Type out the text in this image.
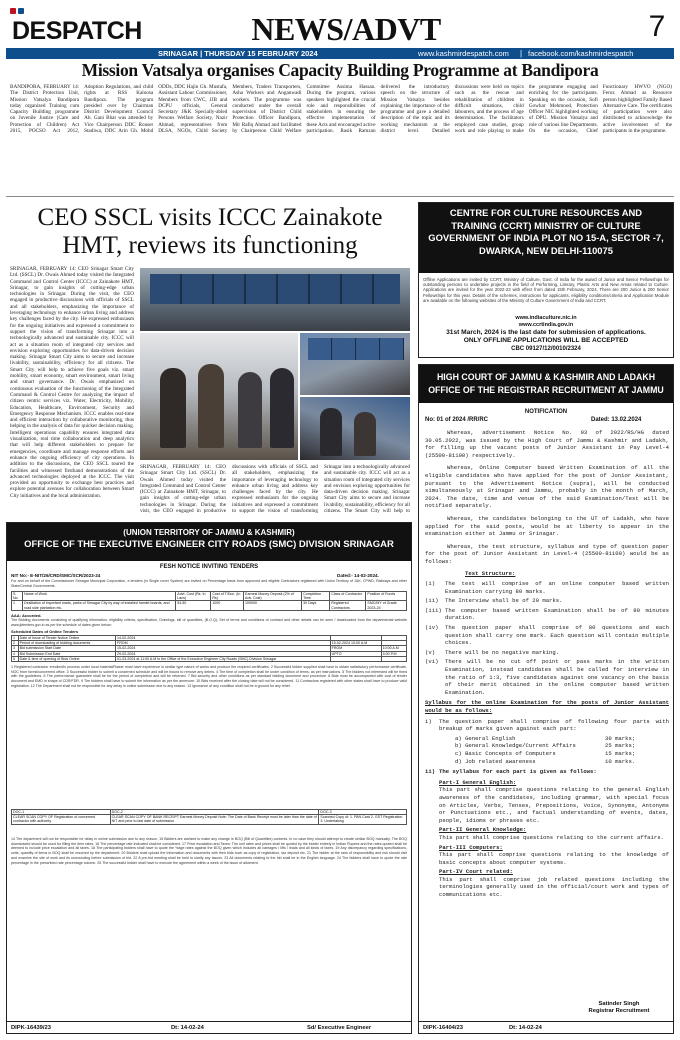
DESPATCH	NEWS/ADVT	7
SRINAGAR | THURSDAY 15 FEBRUARY 2024	www.kashmirdespatch.com | facebook.com/kashmirdespatch
Mission Vatsalya organises Capacity Building Programme at Bandipora
BANDIPORA, FEBRUARY 14: The District Protection Unit, Mission Vatsalya Bandipora today organized Training cum Capacity Building programme on Juvenile Justice (Care and Protection of Children) Act 2015, POCSO Act 2012, Adoption Regulations, and child rights at RSS Kaloosa Bandipora. The program presided over by Chairman District Development Council Ab. Gani Bhat was attended by Vice Chairperson DDC Rouser Stadiwa, DDC Arin Gh. Mohd ODDs, DDC Hajin Gh. Mustafa, Assistant Labour Commissioner, Members from CWC, JJB and DCPU officials, General Secretary J&K Specially-abled Persons Welfare Society, Nazir Ahmad, representatives from DLSA, NGOs, Child Society Members, Traders Transporters, Asha Workers and Anganwadi workers. The programme was conducted under the overall supervision of District Child Protection Officer Bandipora, Mir Rafiq Ahmad and facilitated by Chairperson Child Welfare Committee Assima Hassan. During the program, various speakers highlighted the crucial role and responsibilities of stakeholders in ensuring the effective implementation of these Acts and encouraged active participation. Rasik Ramzan delivered the introductory speech on the structure of Mission Vatsalya besides explaining the importance of the programme and gave a detailed description of the topic and its working mechanism at the district level. Detailed discussions were held on topics such as the rescue and rehabilitation of children in difficult situations, child labourers, and the process of age determination. The facilitators employed case studies, group work and role playing to make the programme engaging and enriching for the participants. Speaking on the occasion, Sofi Gowhar Mehmood, Protection Officer NIC highlighted working of DPU. Mission Vatsalya and role of various line Departments. On the occasion, Chief Functionary HWVO (NGO) Feroz Ahmad as Resource person highlighted Family Based Alternative Care. The certificates of participation were also distributed to acknowledge the active involvement of the participants in the programme.
CEO SSCL visits ICCC Zainakote
HMT, reviews its functioning
SRINAGAR, FEBRUARY 14: CEO Srinagar Smart City Ltd. (SSCL) Dr. Owais Ahmed today visited the Integrated Command and Control Center (ICCC) at Zainakote HMT, Srinagar, to gain insights of cutting-edge urban technologies in Srinagar. During the visit, the CEO engaged in productive discussions with officials of SSCL and all stakeholders, emphasizing the importance of leveraging technology to enhance urban living and address key challenges faced by the city. He expressed enthusiasm for the ongoing initiatives and expressed a commitment to support the vision of transforming Srinagar into a technologically advanced and sustainable city. ICCC will act as a situation room of integrated city services and envision exploring opportunities for data-driven decision making. Srinagar Smart City aims to secure and increase livability, sustainability, efficiency for all citizens. The Smart City will help to achieve five goals viz. smart mobility, smart economy, smart environment, smart living and smart governance. Dr. Owais emphasized on continuous evaluation of the functioning of the Integrated Command & Control Centre for analyzing the impact of citizen centric services viz. Water, Electricity, Mobility, Education, Healthcare, Environment, Security and Emergency Response Mechanism. ICCC enables real-time and efficient interaction by collaborative monitoring, thus helping in the analysis of data for quicker decision making. Intelligent operations capability ensures integrated data visualization, real time collaboration and deep analytics that will help different stakeholders to prepare for emergencies, coordinate and manage response efforts and enhance the ongoing efficiency of city operations. In addition to the discussions, the CEO SSCL toured the facilities and witnessed firsthand demonstrations of the advanced technologies deployed at the ICCC. The visit provided an opportunity to exchange best practices and explore potential avenues for collaboration between Smart City initiatives and the local administration.
SRINAGAR, FEBRUARY 14: CEO Srinagar Smart City Ltd. (SSCL) Dr. Owais Ahmed today visited the Integrated Command and Control Center (ICCC) at Zainakote HMT, Srinagar, to gain insights of cutting-edge urban technologies in Srinagar. During the visit, the CEO engaged in productive discussions with officials of SSCL and all stakeholders, emphasizing the importance of leveraging technology to enhance urban living and address key challenges faced by the city. He expressed enthusiasm for the ongoing initiatives and expressed a commitment to support the vision of transforming Srinagar into a technologically advanced and sustainable city. ICCC will act as a situation room of integrated city services and envision exploring opportunities for data-driven decision making. Srinagar Smart City aims to secure and increase livability, sustainability, efficiency for all citizens. The Smart City will help to
CENTRE FOR CULTURE RESOURCES AND TRAINING (CCRT) MINISTRY OF CULTURE GOVERNMENT OF INDIA PLOT NO 15-A, SECTOR -7, DWARKA, NEW DELHI-110075
Offline Applications are invited by CCRT, Ministry of Culture, Govt. of India for the award of Junior and Senior Fellowships for outstanding persons to undertake projects in the field of Performing, Literary, Plastic Arts and New Areas related to Culture. Applications are invited for the year 2022-23 with effect from dated 15th February, 2024. There are 200 Junior & 200 Senior Fellowships for this year. Details of the schemes, instructions for applicants, eligibility conditions/criteria and Application Module are available on the following websites of the Ministry of Culture Government of India and CCRT.
www.indiaculture.nic.in
www.ccrtindia.gov.in
31st March, 2024 is the last date for submission of applications.
ONLY OFFLINE APPLICATIONS WILL BE ACCEPTED
CBC 09127/12/0010/2324
HIGH COURT OF JAMMU & KASHMIR AND LADAKH
OFFICE OF THE REGISTRAR RECRUITMENT AT JAMMU
NOTIFICATION
No: 01 of 2024 /RR/RC	Dated: 13.02.2024

Whereas, advertisement Notice No. 03 of 2022/RS/HG dated 30.05.2022, was issued by the High Court of Jammu & Kashmir and Ladakh, for filling up the vacant posts of Junior Assistant in Pay Level-4 (25500-81100) respectively.

Whereas, Online Computer based Written Examination of all the eligible candidates who have applied for the post of Junior Assistant, pursuant to the Advertisement Notice (supra), will be conducted simultaneously at Srinagar and Jammu, probably in the month of March, 2024. The date, time and venue of the said Examination/Test will be notified separately.

Whereas, the candidates belonging to the UT of Ladakh, who have applied for the said posts, would be at liberty to appear in the examination either at Jammu or Srinagar.

Whereas, the test structure, syllabus and type of question paper for the post of Junior Assistant in Level-4 (25500-81100) would be as follows:

Test Structure:

(i)	The test will comprise of an online computer based written Examination carrying 80 marks.
(ii)	The Interview shall be of 20 marks.
(iii) The computer based written Examination shall be of 80 minutes duration.
(iv)	The question paper shall comprise of 80 questions and each question shall carry one mark. Each question will contain multiple choices.
(v)	There will be no negative marking.
(vi)	There will be no cut off point or pass marks in the written Examination, instead candidates shall be called for interview in the ratio of 1:3, five candidates against one vacancy on the basis of their merit obtained in the online computer based written Examination.

Syllabus for the online Examination for the posts of Junior Assistant would be as follows:

i)	The question paper shall comprise of following four parts with breakup of marks given against each part:
a) General English	30 marks;
b) General Knowledge/Current Affairs	25 marks;
c) Basic Concepts of Computers	15 marks;
d) Job related awareness	10 marks.
ii) The syllabus for each part is given as follows:
Part-I General English:
This part shall comprise questions relating to the general English awareness of the candidates, including grammar, with special focus on Articles, Verbs, Tenses, Prepositions, Voice, Synonyms, Antonyms or Punctuations etc., and factual understanding of events, dates, people, idioms or phrases etc.
Part-II General Knowledge:
This part shall comprise questions relating to the current affairs.
Part-III Computers:
This part shall comprise questions relating to the knowledge of basic concepts about computer systems.
Part-IV Court related:
This part shall comprise job related questions including the terminologies generally used in the official/court work and types of communications etc.
Satinder Singh
Registrar Recruitment
DIPK-16404/23	Dt: 14-02-24
(UNION TERRITORY OF JAMMU & KASHMIR)
OFFICE OF THE EXECUTIVE ENGINEER CITY ROADS (SMC) DIVISION SRINAGAR
FESH NOTICE INVITING TENDERS
NIT No:- E-NIT/26/CRD/SMC/SCR/2023-24	Dated:- 14-02-2024.
For and on behalf of the Commissioner Srinagar Municipal Corporation, e-tenders (in Single cover System) are invited on Percentage basis from approved and eligible Contractors registered with Union Territory of J&K, CPWD, Railways and other State/Central Governments.
S. No	Name of Work	Advt. Cost (Rs. In Lacs)	Cost of T/Doc. (In Rs)	Earnest Money Deposit (2% of Adv. Cost)	Completion Time	Class of Contractor	Position of Funds
1	Desiltation of important roads, parks of Srinagar City by way of installed hamlet boards, and road side plantation etc.	54.50	1000	109000	30 Days	Registered Contractors	SMC/MY of Grade 2023-24
AAA: Accorded.
The Bidding documents consisting of qualifying information, eligibility criteria, specification, Drawings, bill of quantities, (B.O.Q), Set of terms and conditions of contract and other details can be seen / downloaded from the departmental website www.jktenders.gov.in as per the schedule of dates given below:
Scheduled Dates of Online Tenders
1	Date of Issue of Tender Notice Online	14-02-2024		
2	Period of downloading of bidding documents	FROM	15-02-2024 10:00 A.M	
3	Bid submission Start Date	15-02-2024	FROM	10:00 A.M
4	Bid Submission End Date	29-02-2024	UPTO	4:00 P.M
5	Date & time of opening of Bids Online	01-03-2024 at 11:00 A.M in the Office of the Executive Engineer City Roads (SMC) Division Srinagar		
1 Registered contractor enrolled/in process under local material/Raiser must have experience in similar type nature of works and produce the required certificates. 2 Successful bidder supplied shall have to obtain satisfactory performance certificate, NOC from forest/concerned office. 3 Successful bidder to submit a concerned schedule and will be bound to remove any debris. 4 The time of completion shall be under condition of terms, as per instructions. 5 The bidders not interested will be fined with the guidelines. 6 The performance guarantee shall be for the period of completion and will be returned. 7 Bid security and other conditions as per standard bidding document and procedure. 8 Bids must be accompanied with cost of tender document and EMD in shape of CDR/FDR. 9 The bidders shall have to submit the information as per the annexure. 10 Bids received after the closing date will not be considered. 11 Contractors registered with other states shall have to produce valid registration. 12 The Department shall not be responsible for any delay in online submission due to any reason. 13 Ignorance of any condition shall not be a ground for any relief.
DOC-1	DOC-2	DOC-3
CLEAR SCAN COPY OF Registration of concerned contractor with authority	CLEAR SCAN COPY OF BANK RECEIPT Earnest Money Deposit Note: The Date of Bank Receipt must be later than the date of NIT and prior to last date of submission	Scanned Copy of: 1. PAN Card 2. GST Registration 3. Undertaking
14 The department will not be responsible for delay in online submission due to any reason. 15 Bidders are advised to make any change in BOQ (Bill of Quantities) contents. In no case they should attempt to create similar BOQ manually. The BOQ downloaded should be used for filling the item rates. 16 The percentage rate indicated shall be considered. 17 Price escalation and Taxes: The unit rates and prices shall be quoted by the bidder entirely in Indian Rupees and the rates quoted shall be deemed to include price escalation and all taxes. 18 The participating bidders shall have to quote the %age rates against the BOQ given which includes all carriages / lifts / leads and all kinds of taxes. 19 Any discrepancy regarding specifications, units, quantity of items in BOQ shall be resolved by the department. 20 Bidders shall upload the information and documents with their bids such as copy of registration, tax deposit etc. 21 The bidder at the rank of responsibility and risk should visit and examine the site of work and its surrounding before submission of bid. 22 A pre-bid meeting shall be held to clarify any issues. 23 All documents relating to the bid shall be in the English language. 24 The bidders shall have to quote the rate percentage in the prescribed rate percentage column. 25 The successful bidder shall have to execute the agreement within a week of the issue of allotment.
DIPK-16439/23	Dt: 14-02-24	Sd/ Executive Engineer
